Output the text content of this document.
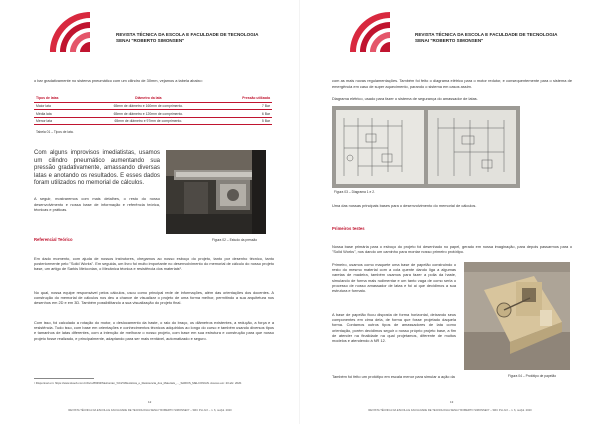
REVISTA TÉCNICA DA ESCOLA E FACULDADE DE TECNOLOGIA
SENAI "ROBERTO SIMONSEN"
o bar gradativamente no sistema pneumático com um cilindro de 30mm, vejamos a tabela abaixo:
Tipos de latas	Diâmetro da lata	Pressão utilizada
Maior lata	65mm de diâmetro e 160mm de comprimento.	7 Bar
Média lata	65mm de diâmetro e 120mm de comprimento.	6 Bar
Menor lata	65mm de diâmetro e 97mm de comprimento.	5 Bar
Tabela 01 – Tipos de lata.
Com alguns improvisos imediatistas, usamos um cilindro pneumático aumentando sua pressão gradativamente, amassando diversas latas e anotando os resultados. E esses dados foram utilizados no memorial de cálculos.
A seguir, mostraremos com mais detalhes, o resto do nosso desenvolvimento e nossa base de informação e referência teórica, técnicas e práticas.
Figura 02 – Estudo da pressão
Referencial Teórico
Em dado momento, com ajuda de nossos instrutores, chegamos ao nosso esboço do projeto, tanto por desenho técnico, tanto posteriormente pelo "Solid Works". Em seguida, um livro foi muito importante no desenvolvimento do memorial de cálculo do nosso projeto base, um artigo de Sarkis Melconian, o Mecânica técnica e resistência dos materiais¹.
No qual, nossa equipe responsável pelos cálculos, usou como principal rede de informações, além das orientações dos docentes. A construção do memorial de cálculos nos deu a chance de visualizar o projeto de uma forma melhor, permitindo a sua arquitetura nos desenhos em 2D e em 3D. Também possibilitando a sua visualização do projeto final.
Com isso, foi calculado a rotação do motor, o deslocamento da haste, o raio do braço, os diâmetros existentes, a redução, a força e a resistência. Tudo isso, com base em orientações e conhecimentos técnicos adquiridos ao longo do curso e também usando diversos tipos e tamanhos de latas diferentes, com a intenção de melhorar o nosso projeto, com base em sua estrutura e construção para que nosso projeto fosse realizado, e principalmente, adaptando para ser mais rentável, automatizado e seguro.
¹ Disponível em: https://www.skoob.com.br/livro/89393/Melconian_%C2%Mecânica_e_Resistencia_dos_Materiais_..._SARKIS_MELCONIAN. Acesso em: 20 abr. 2020.
12
REVISTA TÉCNICA DA ESCOLA E FACULDADE DE TECNOLOGIA SENAI "ROBERTO SIMONSEN" – SRC PH.JLX – n. 6, out/jul. 2020
REVISTA TÉCNICA DA ESCOLA E FACULDADE DE TECNOLOGIA
SENAI "ROBERTO SIMONSEN"
com as mais novas regulamentações. Também foi feito o diagrama elétrico para o motor redutor, e consequentemente para o sistema de emergência em caso de super aquecimento, parando o sistema em casos assim.
Diagrama elétrico, usado para fazer o sistema de segurança do amassador de latas.
Figura 03 – Diagrama 1 e 2.
Uma das nossas principais bases para o desenvolvimento do memorial de cálculos.
Primeiros testes
Nossa base primária para o esboço do projeto foi desenhado no papel, gerado em nossa imaginação, para depois passarmos para o "Solid Works", nos dando um caminho para montar nosso primeiro protótipo.
Primeiro, usamos como maquete uma base de papelão construindo o resto do mesmo material com a cola quente dando liga a algumas varetas de madeira, também usamos para fazer a polia da haste, simulando de forma mais rudimentar e um tanto vaga de como seria o processo de nosso amassador de latas e foi aí que decidimos a sua estrutura e formato.
A base de papelão ficou disposta de forma horizontal, deixando seus componentes em cima dela, de forma que fosse projetado daquela forma. Contamos outros tipos de amassadores de lata como orientação, porém decidimos seguir o nosso próprio projeto base, a fim de atender na finalidade na qual projetamos, diferente de muitos modelos e atendendo à NR 12.
Também foi feito um protótipo em escala menor para simular a ação da	Figura 04 – Protótipo de papelão
13
REVISTA TÉCNICA DA ESCOLA E FACULDADE DE TECNOLOGIA SENAI "ROBERTO SIMONSEN" – SRC PH.JLX – n. 6, out/jul. 2020
